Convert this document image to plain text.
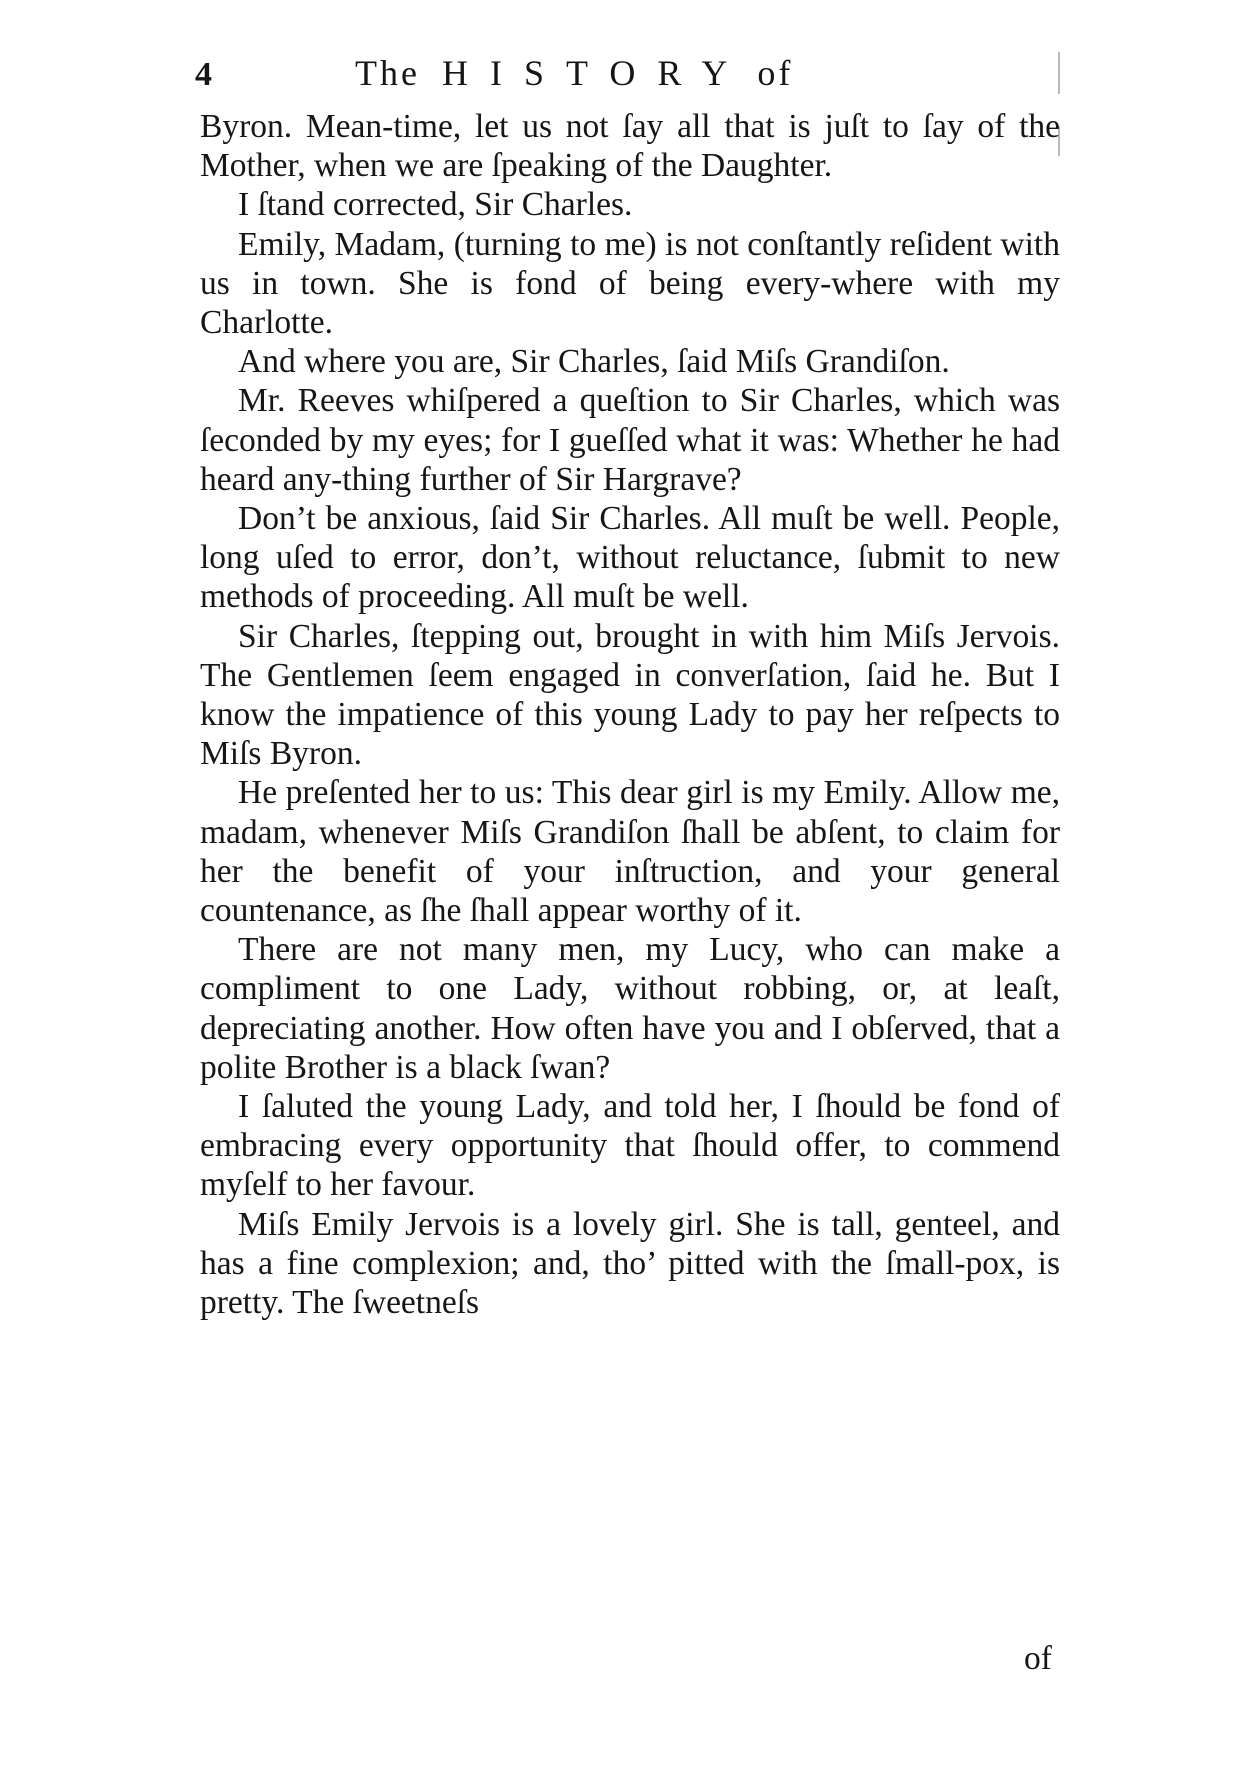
4	The HISTORY of

Byron. Mean-time, let us not ſay all that is juſt to ſay of the Mother, when we are ſpeaking of the Daughter.

I ſtand corrected, Sir Charles.

Emily, Madam, (turning to me) is not conſtantly reſident with us in town. She is fond of being every-where with my Charlotte.

And where you are, Sir Charles, ſaid Miſs Grandiſon.

Mr. Reeves whiſpered a queſtion to Sir Charles, which was ſeconded by my eyes; for I gueſſed what it was: Whether he had heard any-thing further of Sir Hargrave?

Don’t be anxious, ſaid Sir Charles. All muſt be well. People, long uſed to error, don’t, without reluctance, ſubmit to new methods of proceeding. All muſt be well.

Sir Charles, ſtepping out, brought in with him Miſs Jervois. The Gentlemen ſeem engaged in converſation, ſaid he. But I know the impatience of this young Lady to pay her reſpects to Miſs Byron.

He preſented her to us: This dear girl is my Emily. Allow me, madam, whenever Miſs Grandiſon ſhall be abſent, to claim for her the benefit of your inſtruction, and your general countenance, as ſhe ſhall appear worthy of it.

There are not many men, my Lucy, who can make a compliment to one Lady, without robbing, or, at leaſt, depreciating another. How often have you and I obſerved, that a polite Brother is a black ſwan?

I ſaluted the young Lady, and told her, I ſhould be fond of embracing every opportunity that ſhould offer, to commend myſelf to her favour.

Miſs Emily Jervois is a lovely girl. She is tall, genteel, and has a fine complexion; and, tho’ pitted with the ſmall-pox, is pretty. The ſweetneſs

of
